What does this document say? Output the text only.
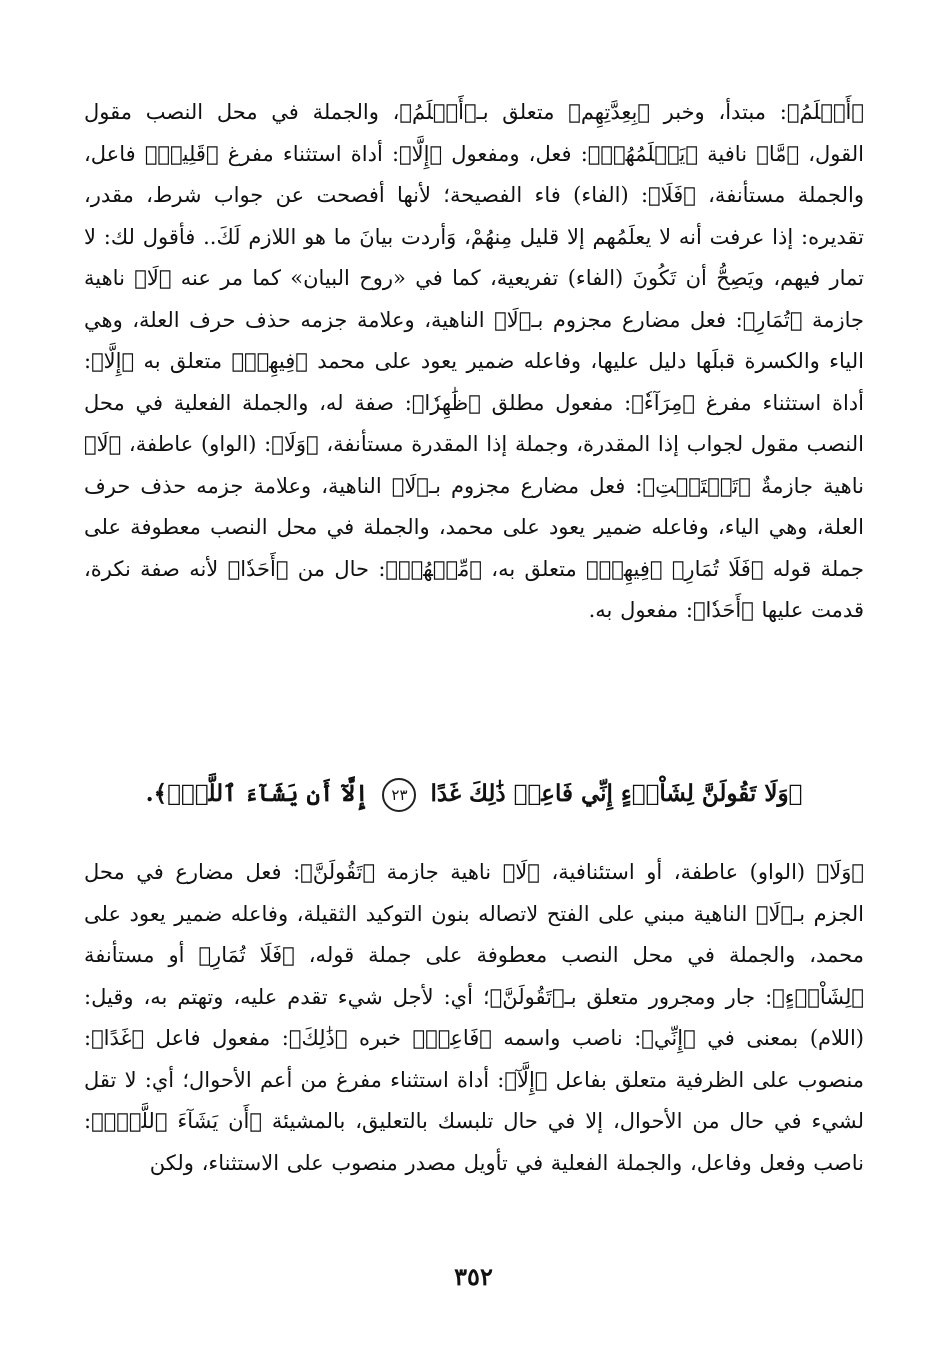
﴿أَعۡلَمُ﴾: مبتدأ، وخبر ﴿بِعِدَّتِهِم﴾ متعلق بـ﴿أَعۡلَمُ﴾، والجملة في محل النصب مقول القول، ﴿مَّا﴾ نافية ﴿يَعۡلَمُهُمۡ﴾: فعل، ومفعول ﴿إِلَّا﴾: أداة استثناء مفرغ ﴿قَلِيلٞ﴾ فاعل، والجملة مستأنفة، ﴿فَلَا﴾: (الفاء) فاء الفصيحة؛ لأنها أفصحت عن جواب شرط، مقدر، تقديره: إذا عرفت أنه لا يعلَمُهم إلا قليل مِنهُمْ، وَأردت بيانَ ما هو اللازم لَكَ.. فأقول لك: لا تمار فيهم، ويَصِحُّ أن تَكُونَ (الفاء) تفريعية، كما في «روح البيان» كما مر عنه ﴿لَا﴾ ناهية جازمة ﴿تُمَارِ﴾: فعل مضارع مجزوم بـ﴿لَا﴾ الناهية، وعلامة جزمه حذف حرف العلة، وهي الياء والكسرة قبلَها دليل عليها، وفاعله ضمير يعود على محمد ﴿فِيهِمۡ﴾ متعلق به ﴿إِلَّا﴾: أداة استثناء مفرغ ﴿مِرَآءٗ﴾: مفعول مطلق ﴿ظَٰهِرٗا﴾: صفة له، والجملة الفعلية في محل النصب مقول لجواب إذا المقدرة، وجملة إذا المقدرة مستأنفة، ﴿وَلَا﴾: (الواو) عاطفة، ﴿لَا﴾ ناهية جازمةٌ ﴿تَسۡتَفۡتِ﴾: فعل مضارع مجزوم بـ﴿لَا﴾ الناهية، وعلامة جزمه حذف حرف العلة، وهي الياء، وفاعله ضمير يعود على محمد، والجملة في محل النصب معطوفة على جملة قوله ﴿فَلَا تُمَارِ﴾ ﴿فِيهِمۡ﴾ متعلق به، ﴿مِّنۡهُمۡ﴾: حال من ﴿أَحَدٗا﴾ لأنه صفة نكرة، قدمت عليها ﴿أَحَدٗا﴾: مفعول به.

﴿وَلَا تَقُولَنَّ لِشَاْيۡءٍ إِنِّي فَاعِلٞ ذَٰلِكَ غَدًا ٢٣ إِلَّآ أَن يَشَآءَ ٱللَّهُۚ﴾.

﴿وَلَا﴾ (الواو) عاطفة، أو استئنافية، ﴿لَا﴾ ناهية جازمة ﴿تَقُولَنَّ﴾: فعل مضارع في محل الجزم بـ﴿لَا﴾ الناهية مبني على الفتح لاتصاله بنون التوكيد الثقيلة، وفاعله ضمير يعود على محمد، والجملة في محل النصب معطوفة على جملة قوله، ﴿فَلَا تُمَارِ﴾ أو مستأنفة ﴿لِشَاْيۡءٍ﴾: جار ومجرور متعلق بـ﴿تَقُولَنَّ﴾؛ أي: لأجل شيء تقدم عليه، وتهتم به، وقيل: (اللام) بمعنى في ﴿إِنِّي﴾: ناصب واسمه ﴿فَاعِلٞ﴾ خبره ﴿ذَٰلِكَ﴾: مفعول فاعل ﴿غَدًا﴾: منصوب على الظرفية متعلق بفاعل ﴿إِلَّآ﴾: أداة استثناء مفرغ من أعم الأحوال؛ أي: لا تقل لشيء في حال من الأحوال، إلا في حال تلبسك بالتعليق، بالمشيئة ﴿أَن يَشَآءَ ٱللَّهُۚ﴾: ناصب وفعل وفاعل، والجملة الفعلية في تأويل مصدر منصوب على الاستثناء، ولكن

٣٥٢
